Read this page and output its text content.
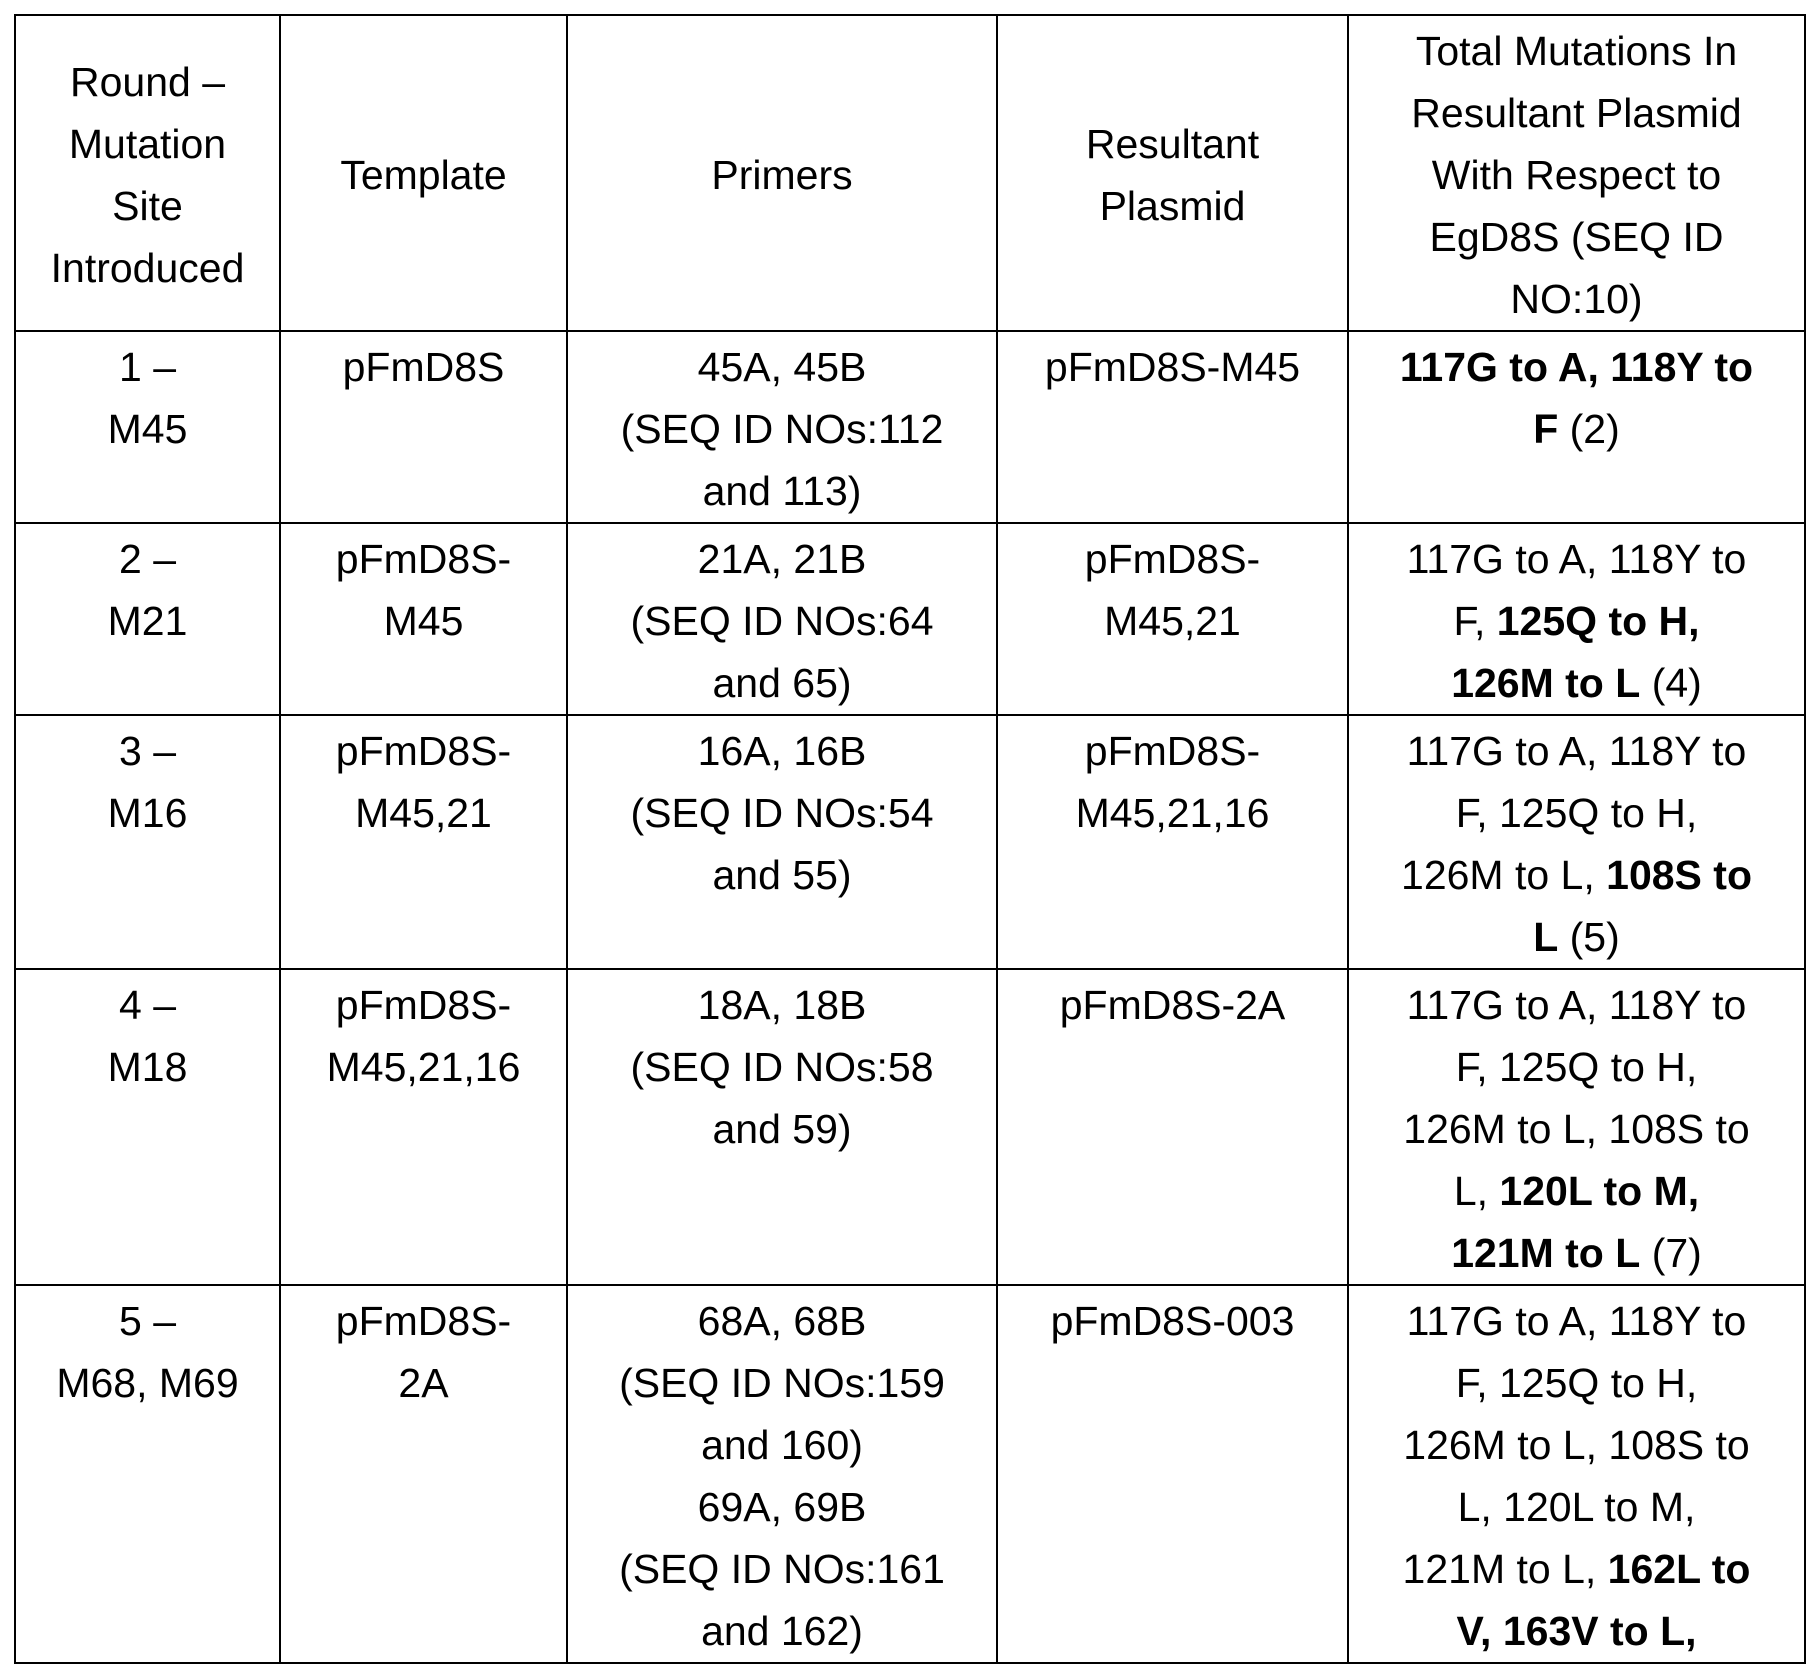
Round –
Mutation
Site
Introduced

Template	Primers

Resultant
Plasmid

Total Mutations In
Resultant Plasmid
With Respect to
EgD8S (SEQ ID
NO:10)

1 –
M45

pFmD8S	45A, 45B
(SEQ ID NOs:112
and 113)

pFmD8S-M45	117G to A, 118Y to
F (2)

2 –
M21

pFmD8S-
M45

21A, 21B
(SEQ ID NOs:64
and 65)

pFmD8S-
M45,21

117G to A, 118Y to
F, 125Q to H,
126M to L (4)

3 –
M16

pFmD8S-
M45,21

16A, 16B
(SEQ ID NOs:54
and 55)

pFmD8S-
M45,21,16

117G to A, 118Y to
F, 125Q to H,
126M to L, 108S to
L (5)

4 –
M18

pFmD8S-
M45,21,16

18A, 18B
(SEQ ID NOs:58
and 59)

pFmD8S-2A	117G to A, 118Y to
F, 125Q to H,
126M to L, 108S to
L, 120L to M,
121M to L (7)

5 –
M68, M69

pFmD8S-
2A

68A, 68B
(SEQ ID NOs:159
and 160)
69A, 69B
(SEQ ID NOs:161
and 162)

pFmD8S-003	117G to A, 118Y to
F, 125Q to H,
126M to L, 108S to
L, 120L to M,
121M to L, 162L to
V, 163V to L,
